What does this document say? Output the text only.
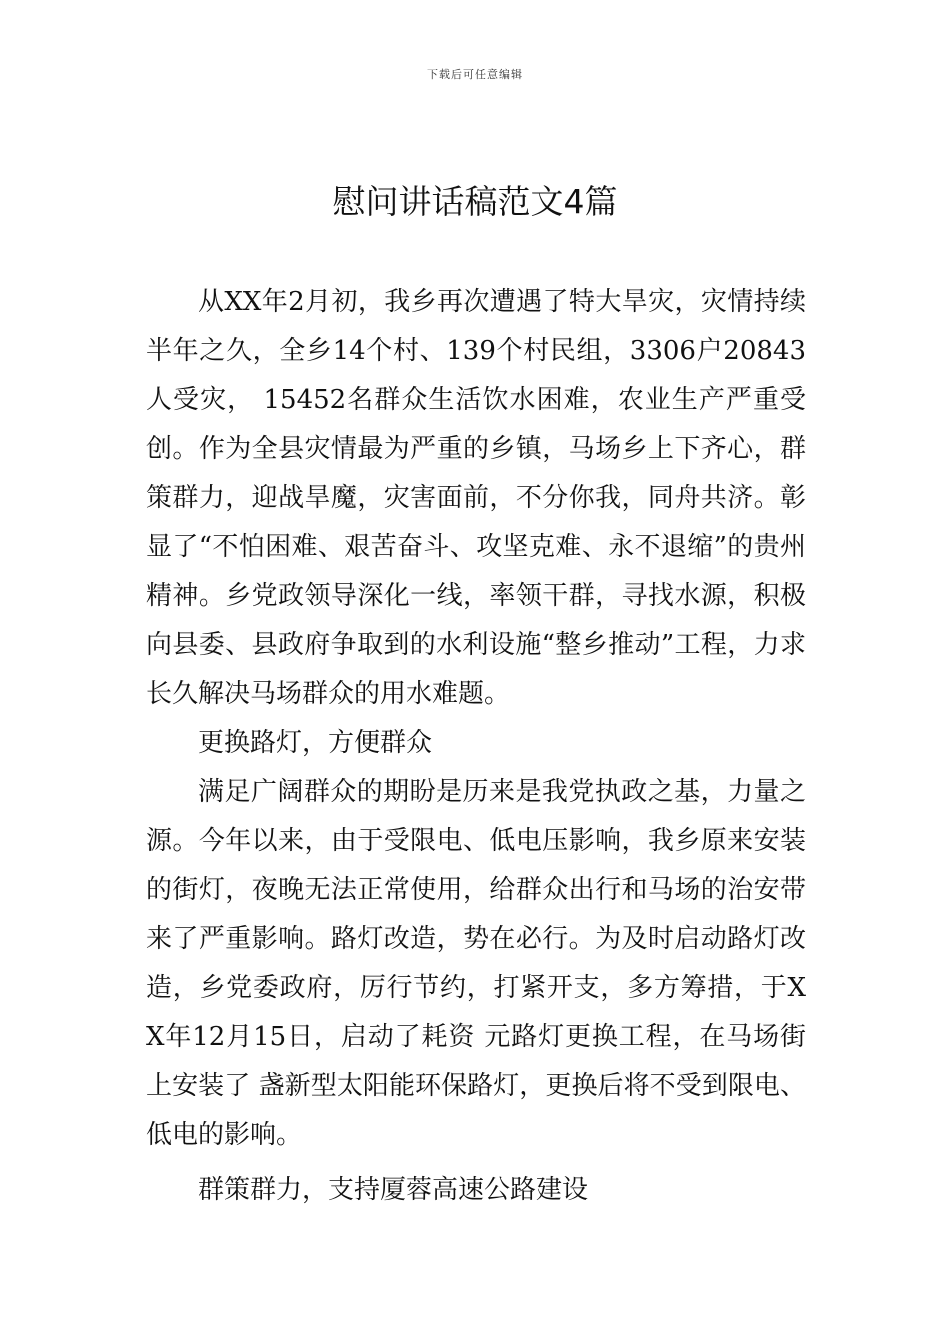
下载后可任意编辑
慰问讲话稿范文4篇

从XX年2月初，我乡再次遭遇了特大旱灾，灾情持续半年之久，全乡14个村、139个村民组，3306户20843人受灾， 15452名群众生活饮水困难，农业生产严重受创。作为全县灾情最为严重的乡镇，马场乡上下齐心，群策群力，迎战旱魔，灾害面前，不分你我，同舟共济。彰显了“不怕困难、艰苦奋斗、攻坚克难、永不退缩”的贵州精神。乡党政领导深化一线，率领干群，寻找水源，积极向县委、县政府争取到的水利设施“整乡推动”工程，力求长久解决马场群众的用水难题。

更换路灯，方便群众

满足广阔群众的期盼是历来是我党执政之基，力量之源。今年以来，由于受限电、低电压影响，我乡原来安装的街灯，夜晚无法正常使用，给群众出行和马场的治安带来了严重影响。路灯改造，势在必行。为及时启动路灯改造，乡党委政府，厉行节约，打紧开支，多方筹措，于XX年12月15日，启动了耗资 元路灯更换工程，在马场街上安装了 盏新型太阳能环保路灯，更换后将不受到限电、低电的影响。

群策群力，支持厦蓉高速公路建设
